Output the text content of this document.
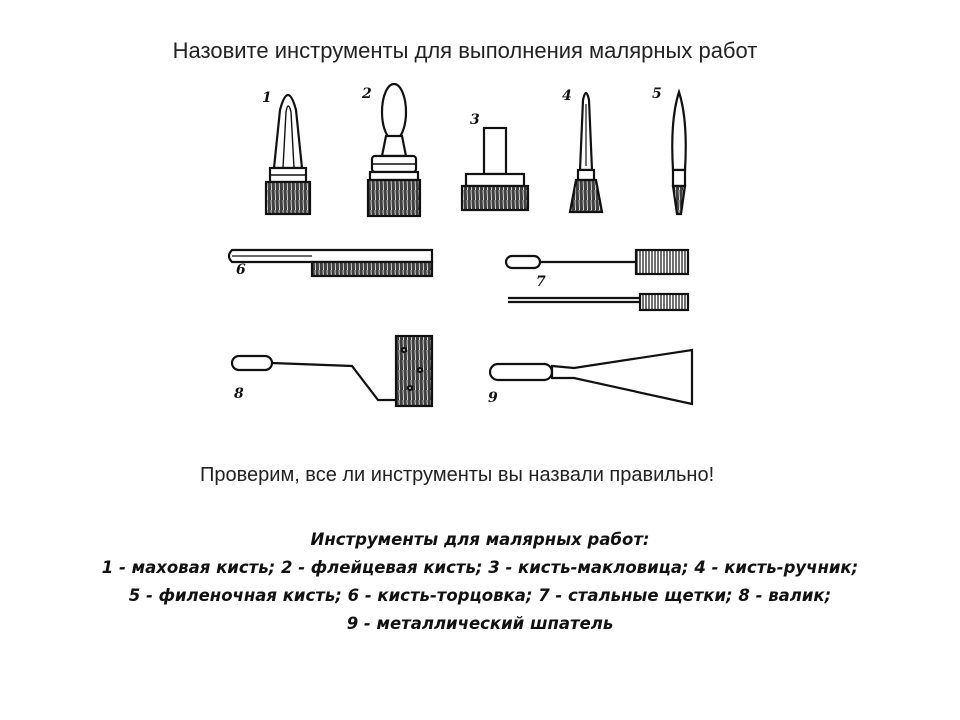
Назовите инструменты для выполнения малярных работ
1	2
3
4	5
6
7
8	9
Проверим, все ли инструменты вы назвали правильно!
Инструменты для малярных работ:
1 - маховая кисть; 2 - флейцевая кисть; 3 - кисть-макловица; 4 - кисть-ручник;
5 - филеночная кисть; 6 - кисть-торцовка; 7 - стальные щетки; 8 - валик;
9 - металлический шпатель
